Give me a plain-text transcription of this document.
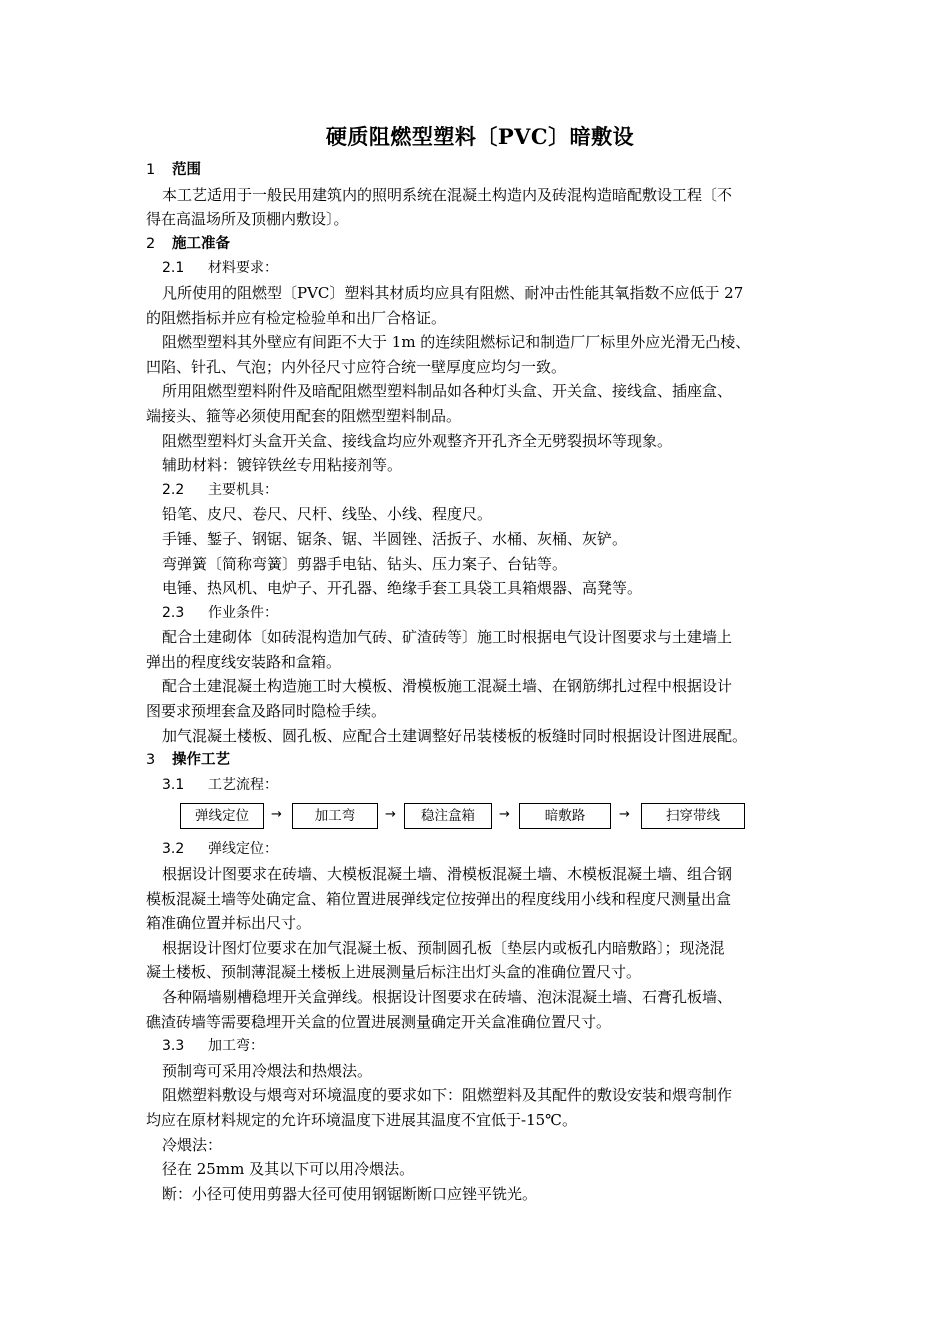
硬质阻燃型塑料〔PVC〕暗敷设

1 范围

本工艺适用于一般民用建筑内的照明系统在混凝土构造内及砖混构造暗配敷设工程〔不

得在高温场所及顶棚内敷设〕。

2 施工准备

2.1 材料要求：

凡所使用的阻燃型〔PVC〕塑料其材质均应具有阻燃、耐冲击性能其氧指数不应低于 27

的阻燃指标并应有检定检验单和出厂合格证。

阻燃型塑料其外壁应有间距不大于 1m 的连续阻燃标记和制造厂厂标里外应光滑无凸棱、

凹陷、针孔、气泡；内外径尺寸应符合统一壁厚度应均匀一致。

所用阻燃型塑料附件及暗配阻燃型塑料制品如各种灯头盒、开关盒、接线盒、插座盒、

端接头、箍等必须使用配套的阻燃型塑料制品。

阻燃型塑料灯头盒开关盒、接线盒均应外观整齐开孔齐全无劈裂损坏等现象。

辅助材料：镀锌铁丝专用粘接剂等。

2.2 主要机具：

铅笔、皮尺、卷尺、尺杆、线坠、小线、程度尺。

手锤、錾子、钢锯、锯条、锯、半圆锉、活扳子、水桶、灰桶、灰铲。

弯弹簧〔简称弯簧〕剪器手电钻、钻头、压力案子、台钻等。

电锤、热风机、电炉子、开孔器、绝缘手套工具袋工具箱煨器、高凳等。

2.3 作业条件：

配合土建砌体〔如砖混构造加气砖、矿渣砖等〕施工时根据电气设计图要求与土建墙上

弹出的程度线安装路和盒箱。

配合土建混凝土构造施工时大模板、滑模板施工混凝土墙、在钢筋绑扎过程中根据设计

图要求预埋套盒及路同时隐检手续。

加气混凝土楼板、圆孔板、应配合土建调整好吊装楼板的板缝时同时根据设计图进展配。

3 操作工艺

3.1 工艺流程：

弹线定位	→	加工弯	→	稳注盒箱	→	暗敷路	→	扫穿带线

3.2 弹线定位：

根据设计图要求在砖墙、大模板混凝土墙、滑模板混凝土墙、木模板混凝土墙、组合钢

模板混凝土墙等处确定盒、箱位置进展弹线定位按弹出的程度线用小线和程度尺测量出盒

箱准确位置并标出尺寸。

根据设计图灯位要求在加气混凝土板、预制圆孔板〔垫层内或板孔内暗敷路〕；现浇混

凝土楼板、预制薄混凝土楼板上进展测量后标注出灯头盒的准确位置尺寸。

各种隔墙剔槽稳埋开关盒弹线。根据设计图要求在砖墙、泡沫混凝土墙、石膏孔板墙、

礁渣砖墙等需要稳埋开关盒的位置进展测量确定开关盒准确位置尺寸。

3.3 加工弯：

预制弯可采用冷煨法和热煨法。

阻燃塑料敷设与煨弯对环境温度的要求如下：阻燃塑料及其配件的敷设安装和煨弯制作

均应在原材料规定的允许环境温度下进展其温度不宜低于-15℃。

冷煨法：

径在 25mm 及其以下可以用冷煨法。

断：小径可使用剪器大径可使用钢锯断断口应锉平铣光。
